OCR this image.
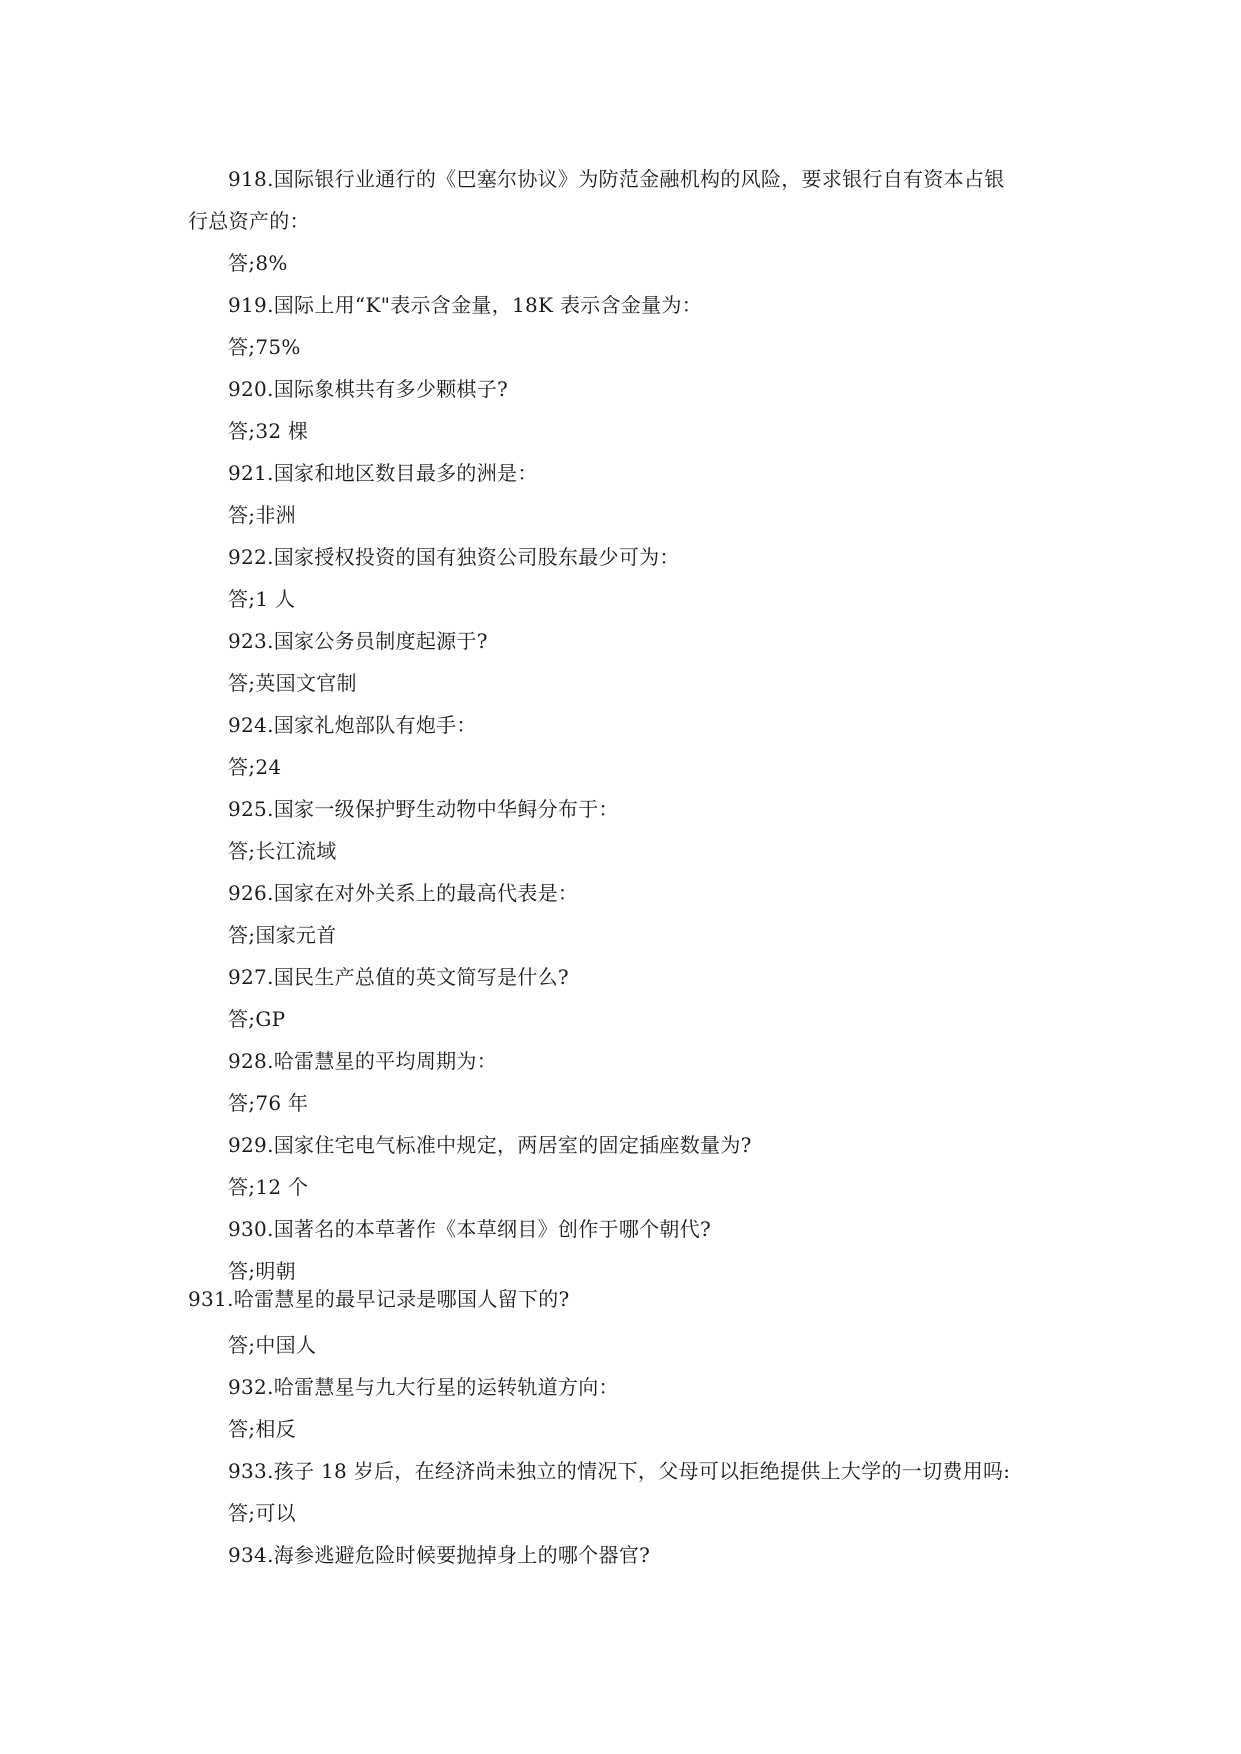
918.国际银行业通行的《巴塞尔协议》为防范金融机构的风险，要求银行自有资本占银
行总资产的：
答;8%
919.国际上用“K"表示含金量，18K 表示含金量为：
答;75%
920.国际象棋共有多少颗棋子?
答;32 棵
921.国家和地区数目最多的洲是：
答;非洲
922.国家授权投资的国有独资公司股东最少可为：
答;1 人
923.国家公务员制度起源于?
答;英国文官制
924.国家礼炮部队有炮手：
答;24
925.国家一级保护野生动物中华鲟分布于：
答;长江流域
926.国家在对外关系上的最高代表是：
答;国家元首
927.国民生产总值的英文简写是什么?
答;GP
928.哈雷慧星的平均周期为：
答;76 年
929.国家住宅电气标准中规定，两居室的固定插座数量为?
答;12 个
930.国著名的本草著作《本草纲目》创作于哪个朝代?
答;明朝
931.哈雷慧星的最早记录是哪国人留下的?
答;中国人
932.哈雷慧星与九大行星的运转轨道方向：
答;相反
933.孩子 18 岁后，在经济尚未独立的情况下，父母可以拒绝提供上大学的一切费用吗:
答;可以
934.海参逃避危险时候要抛掉身上的哪个器官?
